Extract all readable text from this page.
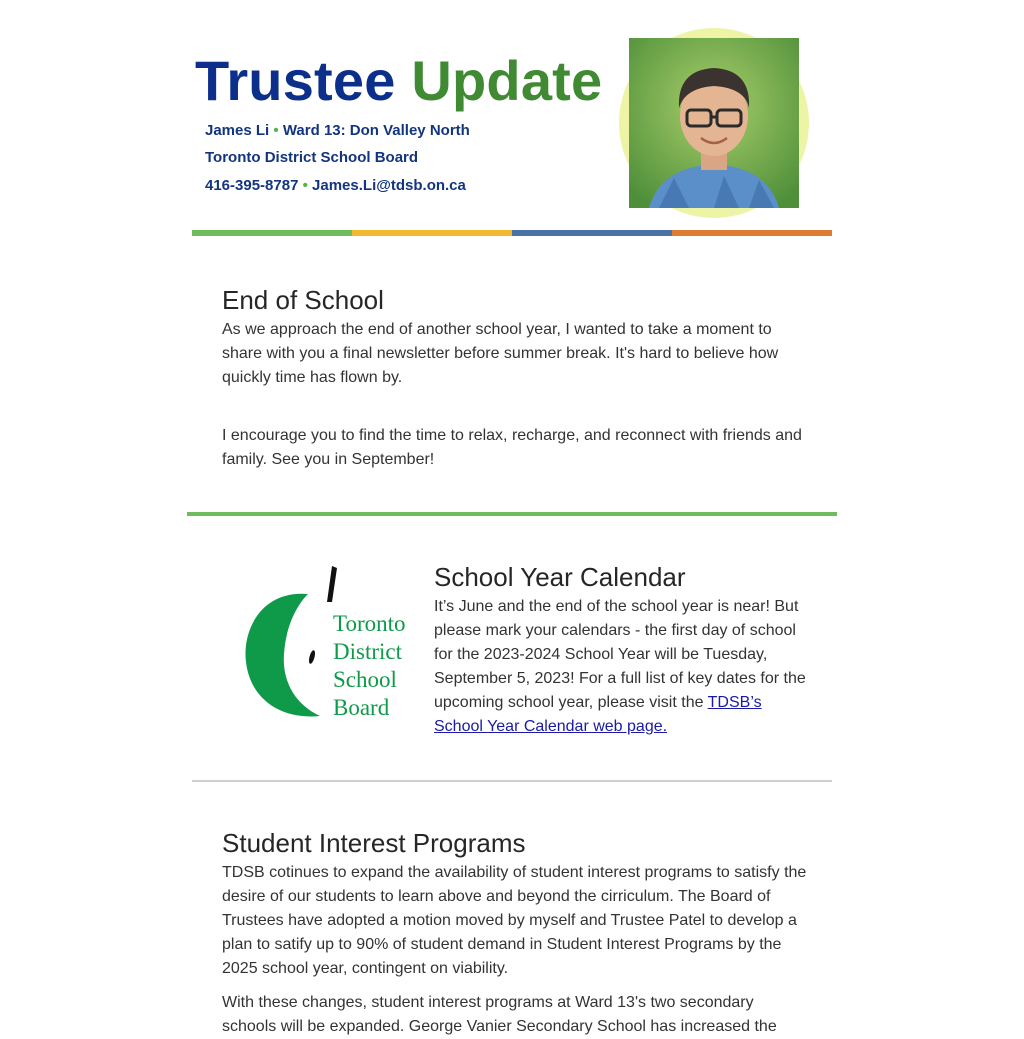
Trustee Update
James Li • Ward 13: Don Valley North
Toronto District School Board
416-395-8787 • James.Li@tdsb.on.ca
End of School

As we approach the end of another school year, I wanted to take a moment to share with you a final newsletter before summer break. It's hard to believe how quickly time has flown by.

I encourage you to find the time to relax, recharge, and reconnect with friends and family. See you in September!

Toronto
District
School
Board
School Year Calendar

It’s June and the end of the school year is near! But please mark your calendars - the first day of school for the 2023-2024 School Year will be Tuesday, September 5, 2023! For a full list of key dates for the upcoming school year, please visit the TDSB’s School Year Calendar web page.

Student Interest Programs

TDSB cotinues to expand the availability of student interest programs to satisfy the desire of our students to learn above and beyond the cirriculum. The Board of Trustees have adopted a motion moved by myself and Trustee Patel to develop a plan to satify up to 90% of student demand in Student Interest Programs by the 2025 school year, contingent on viability.

With these changes, student interest programs at Ward 13's two secondary schools will be expanded. George Vanier Secondary School has increased the
